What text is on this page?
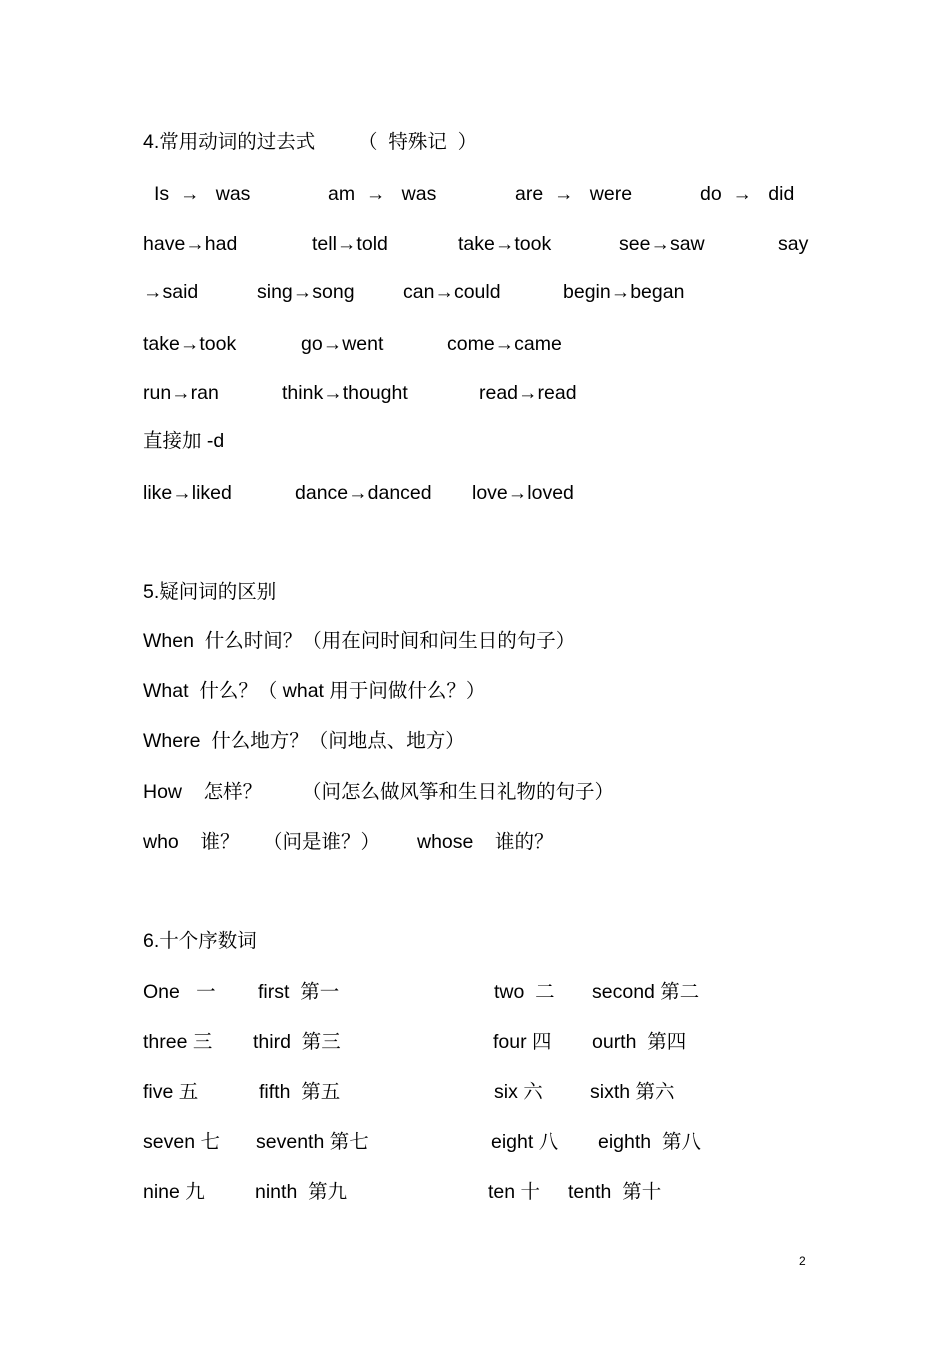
4.常用动词的过去式 （  特殊记  ）
Is  →   was	am  →   was	are  →   were	do  →   did
have→had	tell→told	take→took	see→saw	say
→said	sing→song can→could	begin→began
take→took	go→went	come→came
run→ran	think→thought	read→read
直接加 -d
like→liked	dance→danced love→loved
5.疑问词的区别
When  什么时间？（用在问时间和问生日的句子）
What  什么？（ what 用于问做什么？）
Where  什么地方？（问地点、地方）
How    怎样？ （问怎么做风筝和生日礼物的句子）
who    谁？ （问是谁？） whose    谁的？
6.十个序数词
One   一 first  第一	two  二 second 第二
three 三 third  第三	four 四 ourth  第四
five 五	fifth  第五	six 六 sixth 第六
seven 七 seventh 第七	eight 八 eighth  第八
nine 九	ninth  第九	ten 十 tenth  第十
2
